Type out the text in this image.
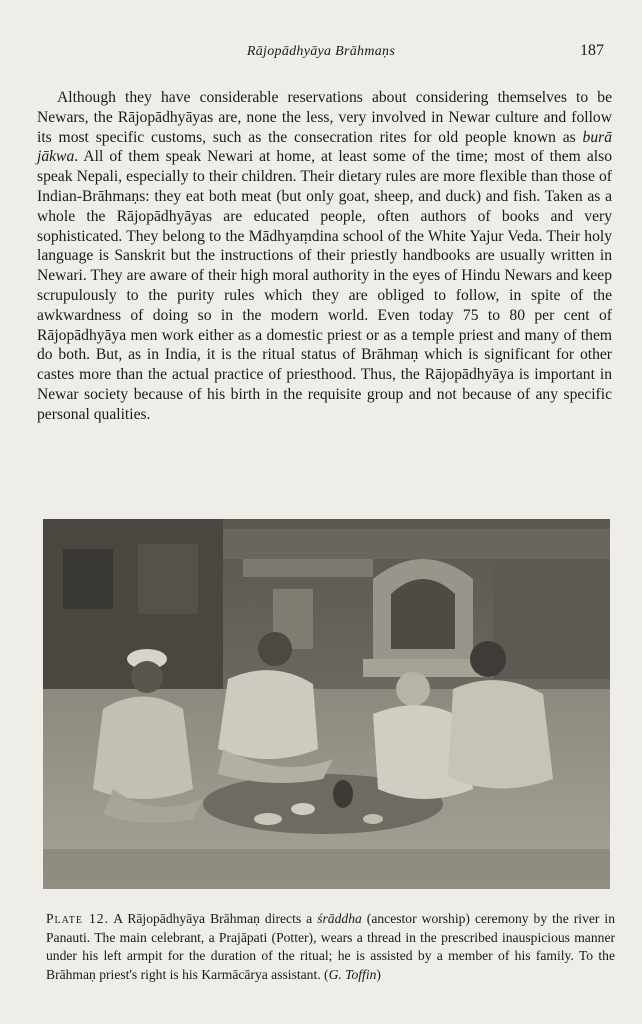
Rājopādhyāya Brāhmaṇs	187

Although they have considerable reservations about considering themselves to be Newars, the Rājopādhyāyas are, none the less, very involved in Newar culture and follow its most specific customs, such as the consecration rites for old people known as burā jākwa. All of them speak Newari at home, at least some of the time; most of them also speak Nepali, especially to their children. Their dietary rules are more flexible than those of Indian-Brāhmaṇs: they eat both meat (but only goat, sheep, and duck) and fish. Taken as a whole the Rājopādhyāyas are educated people, often authors of books and very sophisticated. They belong to the Mādhyaṃdina school of the White Yajur Veda. Their holy language is Sanskrit but the instructions of their priestly handbooks are usually written in Newari. They are aware of their high moral authority in the eyes of Hindu Newars and keep scrupulously to the purity rules which they are obliged to follow, in spite of the awkwardness of doing so in the modern world. Even today 75 to 80 per cent of Rājopādhyāya men work either as a domestic priest or as a temple priest and many of them do both. But, as in India, it is the ritual status of Brāhmaṇ which is significant for other castes more than the actual practice of priesthood. Thus, the Rājopādhyāya is important in Newar society because of his birth in the requisite group and not because of any specific personal qualities.

Plate 12. A Rājopādhyāya Brāhmaṇ directs a śrāddha (ancestor worship) ceremony by the river in Panauti. The main celebrant, a Prajāpati (Potter), wears a thread in the prescribed inauspicious manner under his left armpit for the duration of the ritual; he is assisted by a member of his family. To the Brāhmaṇ priest's right is his Karmācārya assistant. (G. Toffin)
